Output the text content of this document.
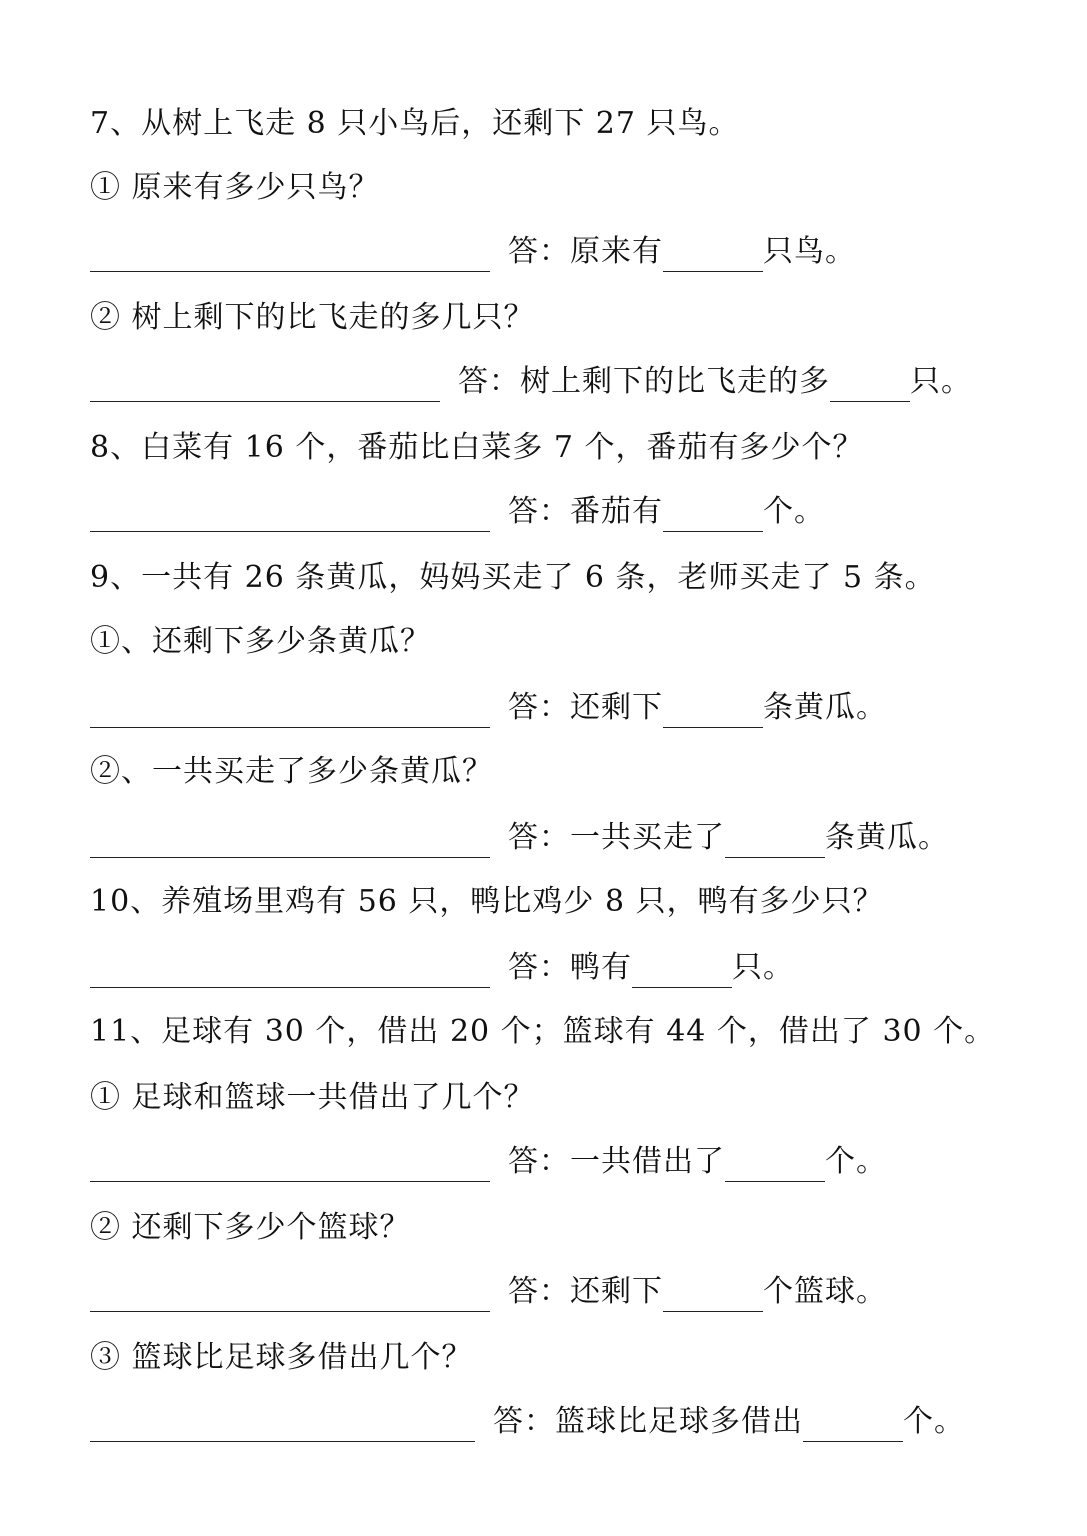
7、从树上飞走 8 只小鸟后，还剩下 27 只鸟。
① 原来有多少只鸟？
答：原来有	只鸟。
② 树上剩下的比飞走的多几只？
答：树上剩下的比飞走的多	只。
8、白菜有 16 个，番茄比白菜多 7 个，番茄有多少个？
答：番茄有	个。
9、一共有 26 条黄瓜，妈妈买走了 6 条，老师买走了 5 条。
①、还剩下多少条黄瓜？
答：还剩下	条黄瓜。
②、一共买走了多少条黄瓜？
答：一共买走了	条黄瓜。
10、养殖场里鸡有 56 只，鸭比鸡少 8 只，鸭有多少只？
答：鸭有	只。
11、足球有 30 个，借出 20 个；篮球有 44 个，借出了 30 个。
① 足球和篮球一共借出了几个？
答：一共借出了	个。
② 还剩下多少个篮球？
答：还剩下	个篮球。
③ 篮球比足球多借出几个？
答：篮球比足球多借出	个。
